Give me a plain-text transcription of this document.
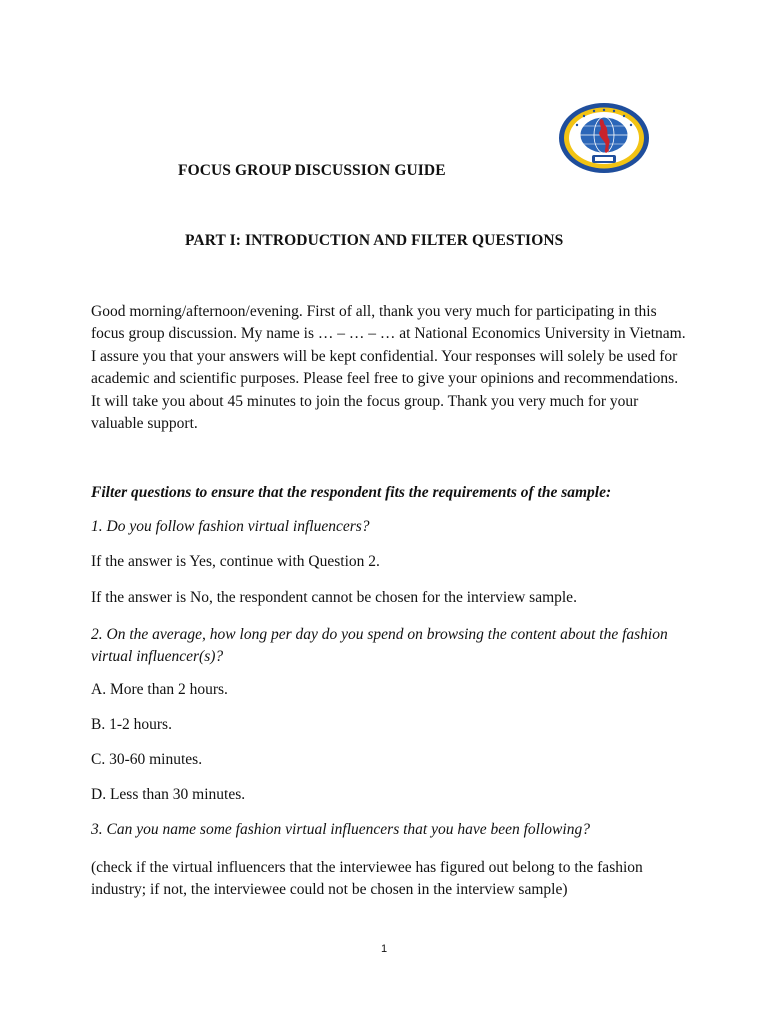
FOCUS GROUP DISCUSSION GUIDE
PART I: INTRODUCTION AND FILTER QUESTIONS
Good morning/afternoon/evening. First of all, thank you very much for participating in this focus group discussion. My name is … – … – … at National Economics University in Vietnam. I assure you that your answers will be kept confidential. Your responses will solely be used for academic and scientific purposes. Please feel free to give your opinions and recommendations. It will take you about 45 minutes to join the focus group. Thank you very much for your valuable support.
Filter questions to ensure that the respondent fits the requirements of the sample:
1. Do you follow fashion virtual influencers?
If the answer is Yes, continue with Question 2.
If the answer is No, the respondent cannot be chosen for the interview sample.
2. On the average, how long per day do you spend on browsing the content about the fashion virtual influencer(s)?
A. More than 2 hours.
B. 1-2 hours.
C. 30-60 minutes.
D. Less than 30 minutes.
3. Can you name some fashion virtual influencers that you have been following?
(check if the virtual influencers that the interviewee has figured out belong to the fashion industry; if not, the interviewee could not be chosen in the interview sample)
1
